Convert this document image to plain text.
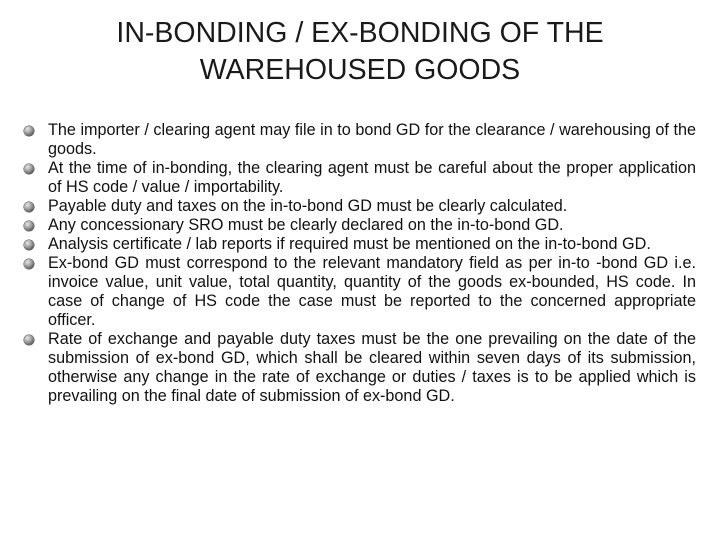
IN-BONDING / EX-BONDING OF THE
WAREHOUSED GOODS
The importer / clearing agent may file in to bond GD for the clearance / warehousing of the goods.
At the time of in-bonding, the clearing agent must be careful about the proper application of HS code / value / importability.
Payable duty and taxes on the in-to-bond GD must be clearly calculated.
Any concessionary SRO must be clearly declared on the in-to-bond GD.
Analysis certificate / lab reports if required must be mentioned on the in-to-bond GD.
Ex-bond GD must correspond to the relevant mandatory field as per in-to -bond GD i.e. invoice value, unit value, total quantity, quantity of the goods ex-bounded, HS code. In case of change of HS code the case must be reported to the concerned appropriate officer.
Rate of exchange and payable duty taxes must be the one prevailing on the date of the submission of ex-bond GD, which shall be cleared within seven days of its submission, otherwise any change in the rate of exchange or duties / taxes is to be applied which is prevailing on the final date of submission of ex-bond GD.
